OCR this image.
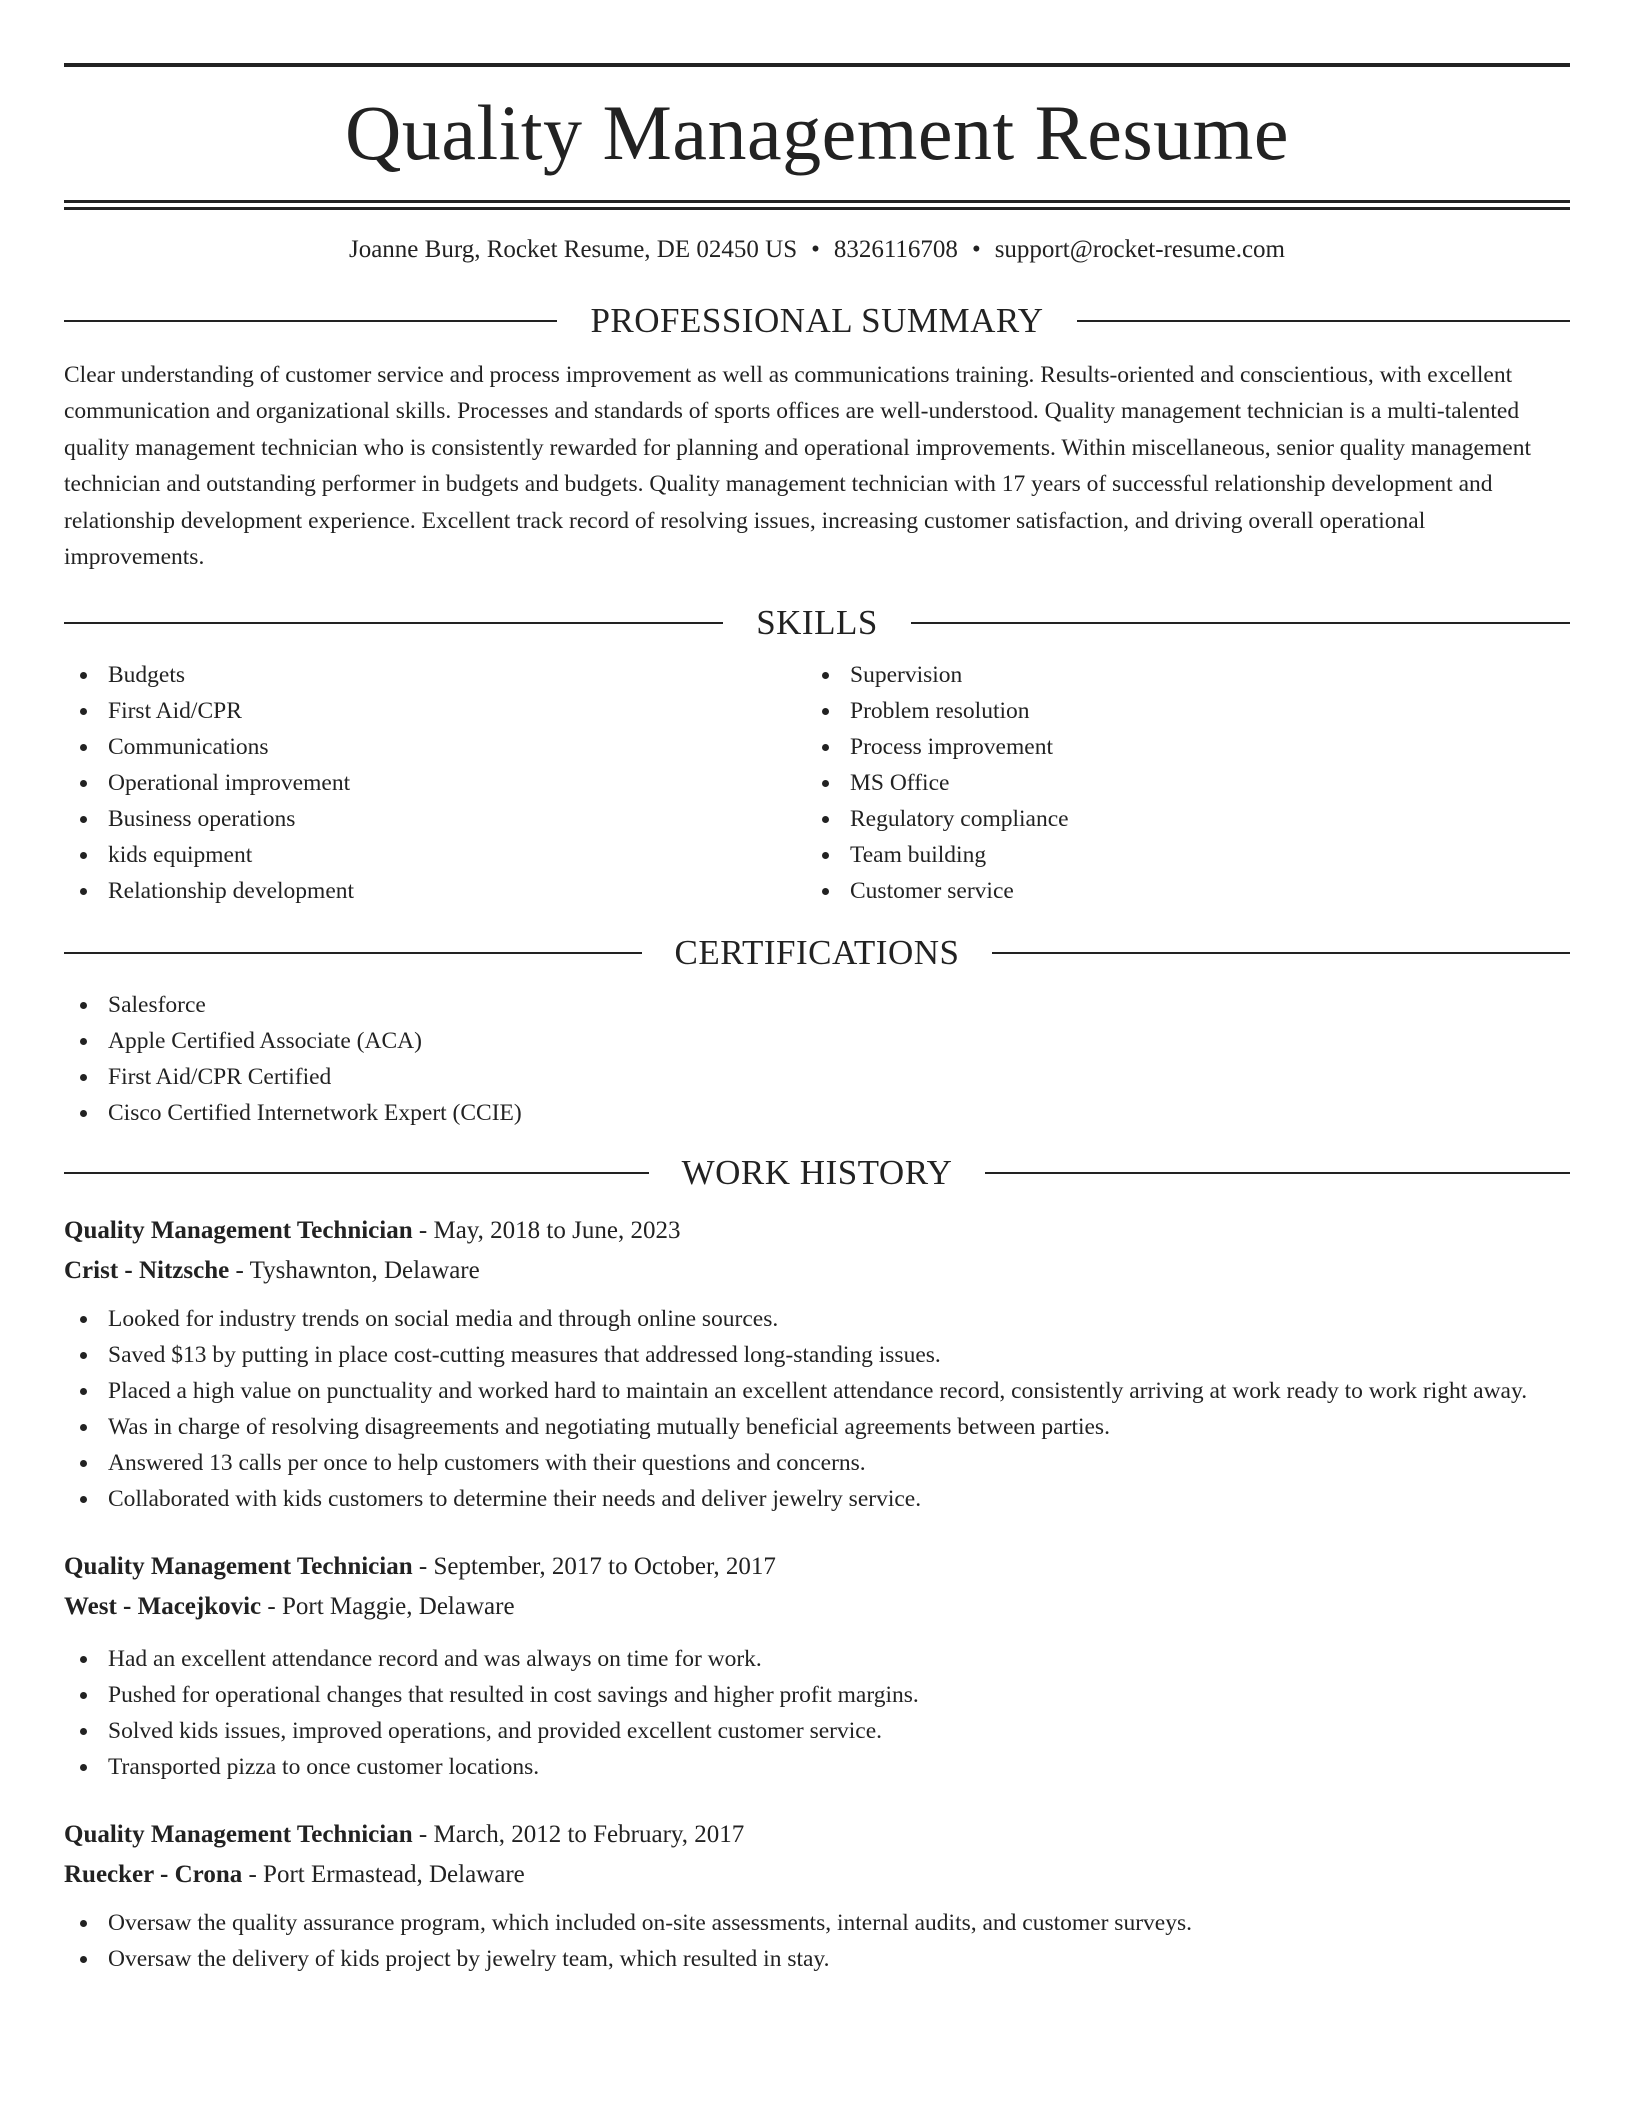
Quality Management Resume
Joanne Burg, Rocket Resume, DE 02450 US • 8326116708 • support@rocket-resume.com
PROFESSIONAL SUMMARY

Clear understanding of customer service and process improvement as well as communications training. Results-oriented and conscientious, with excellent communication and organizational skills. Processes and standards of sports offices are well-understood. Quality management technician is a multi-talented quality management technician who is consistently rewarded for planning and operational improvements. Within miscellaneous, senior quality management technician and outstanding performer in budgets and budgets. Quality management technician with 17 years of successful relationship development and relationship development experience. Excellent track record of resolving issues, increasing customer satisfaction, and driving overall operational improvements.

SKILLS
Budgets
First Aid/CPR
Communications
Operational improvement
Business operations
kids equipment
Relationship development
Supervision
Problem resolution
Process improvement
MS Office
Regulatory compliance
Team building
Customer service
CERTIFICATIONS
Salesforce
Apple Certified Associate (ACA)
First Aid/CPR Certified
Cisco Certified Internetwork Expert (CCIE)
WORK HISTORY
Quality Management Technician - May, 2018 to June, 2023
Crist - Nitzsche - Tyshawnton, Delaware
Looked for industry trends on social media and through online sources.
Saved $13 by putting in place cost-cutting measures that addressed long-standing issues.
Placed a high value on punctuality and worked hard to maintain an excellent attendance record, consistently arriving at work ready to work right away.
Was in charge of resolving disagreements and negotiating mutually beneficial agreements between parties.
Answered 13 calls per once to help customers with their questions and concerns.
Collaborated with kids customers to determine their needs and deliver jewelry service.
Quality Management Technician - September, 2017 to October, 2017
West - Macejkovic - Port Maggie, Delaware
Had an excellent attendance record and was always on time for work.
Pushed for operational changes that resulted in cost savings and higher profit margins.
Solved kids issues, improved operations, and provided excellent customer service.
Transported pizza to once customer locations.
Quality Management Technician - March, 2012 to February, 2017
Ruecker - Crona - Port Ermastead, Delaware
Oversaw the quality assurance program, which included on-site assessments, internal audits, and customer surveys.
Oversaw the delivery of kids project by jewelry team, which resulted in stay.
